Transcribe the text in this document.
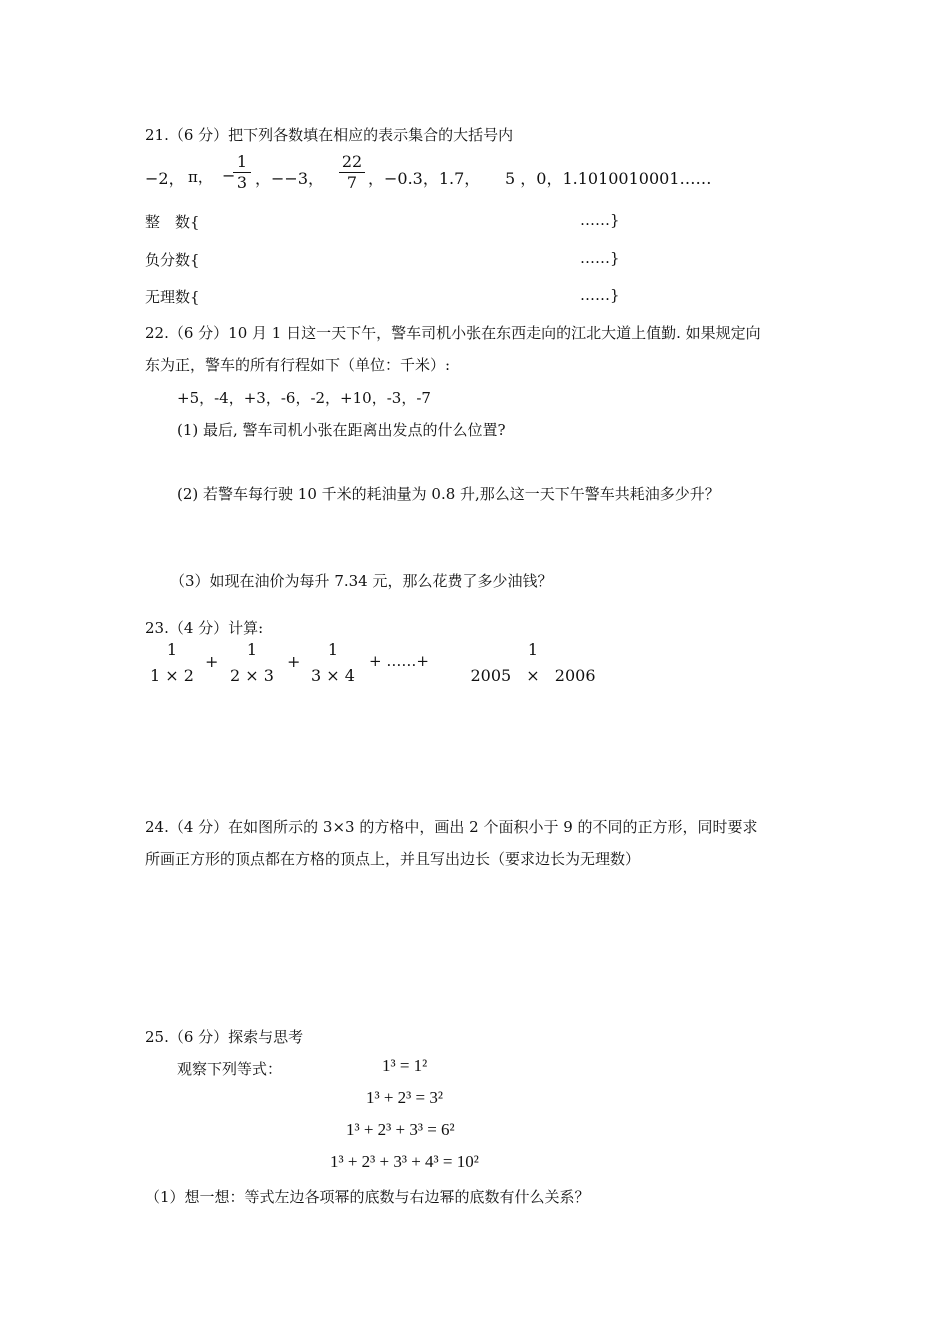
21.（6 分）把下列各数填在相应的表示集合的大括号内
−2， π， −
$\frac{1}{3}$ ，−−3， $\frac{22}{7}$ ，−0.3，1.7， 5 ，0，1.1010010001……
整　数{	……}
负分数{	……}
无理数{	……}
22.（6 分）10 月 1 日这一天下午，警车司机小张在东西走向的江北大道上值勤. 如果规定向
东为正，警车的所有行程如下（单位：千米）:
+5，-4，+3，-6，-2，+10，-3，-7
(1) 最后, 警车司机小张在距离出发点的什么位置?
(2) 若警车每行驶 10 千米的耗油量为 0.8 升,那么这一天下午警车共耗油多少升？
（3）如现在油价为每升 7.34 元，那么花费了多少油钱？
23.（4 分）计算:
1
1 × 2
+
1
2 × 3
+
1
3 × 4
+ ……+
1
2005 × 2006
24.（4 分）在如图所示的 3×3 的方格中，画出 2 个面积小于 9 的不同的正方形，同时要求
所画正方形的顶点都在方格的顶点上，并且写出边长（要求边长为无理数）
25.（6 分）探索与思考
观察下列等式：	1³ = 1²
1³ + 2³ = 3²
1³ + 2³ + 3³ = 6²
1³ + 2³ + 3³ + 4³ = 10²
（1）想一想：等式左边各项幂的底数与右边幂的底数有什么关系？
